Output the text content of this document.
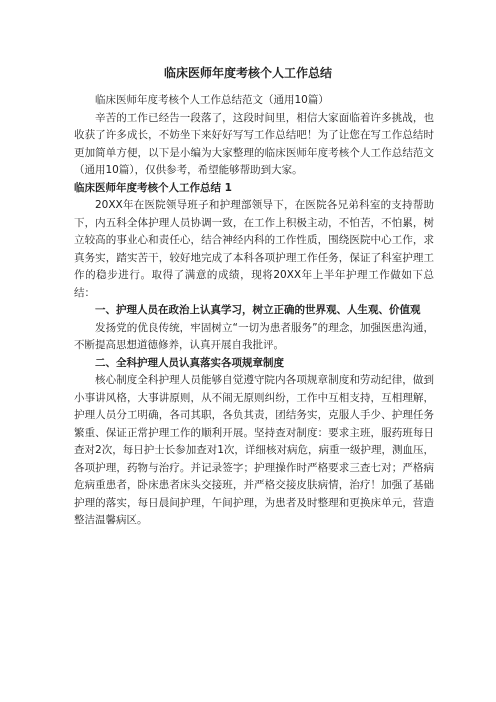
临床医师年度考核个人工作总结

临床医师年度考核个人工作总结范文（通用10篇）

辛苦的工作已经告一段落了，这段时间里，相信大家面临着许多挑战，也收获了许多成长，不妨坐下来好好写写工作总结吧！为了让您在写工作总结时更加简单方便，以下是小编为大家整理的临床医师年度考核个人工作总结范文（通用10篇），仅供参考，希望能够帮助到大家。

临床医师年度考核个人工作总结 1

20XX年在医院领导班子和护理部领导下，在医院各兄弟科室的支持帮助下，内五科全体护理人员协调一致，在工作上积极主动，不怕苦，不怕累，树立较高的事业心和责任心，结合神经内科的工作性质，围绕医院中心工作，求真务实，踏实苦干，较好地完成了本科各项护理工作任务，保证了科室护理工作的稳步进行。取得了满意的成绩，现将20XX年上半年护理工作做如下总结：

一、护理人员在政治上认真学习，树立正确的世界观、人生观、价值观

发扬党的优良传统，牢固树立“一切为患者服务”的理念，加强医患沟通，不断提高思想道德修养，认真开展自我批评。

二、全科护理人员认真落实各项规章制度

核心制度全科护理人员能够自觉遵守院内各项规章制度和劳动纪律，做到小事讲风格，大事讲原则，从不闹无原则纠纷，工作中互相支持，互相理解，护理人员分工明确，各司其职，各负其责，团结务实，克服人手少、护理任务繁重、保证正常护理工作的顺利开展。坚持查对制度：要求主班，服药班每日查对2次，每日护士长参加查对1次，详细核对病危，病重一级护理，测血压，各项护理，药物与治疗。并记录签字；护理操作时严格要求三查七对；严格病危病重患者，卧床患者床头交接班，并严格交接皮肤病情，治疗！加强了基础护理的落实，每日晨间护理，午间护理，为患者及时整理和更换床单元，营造整洁温馨病区。
